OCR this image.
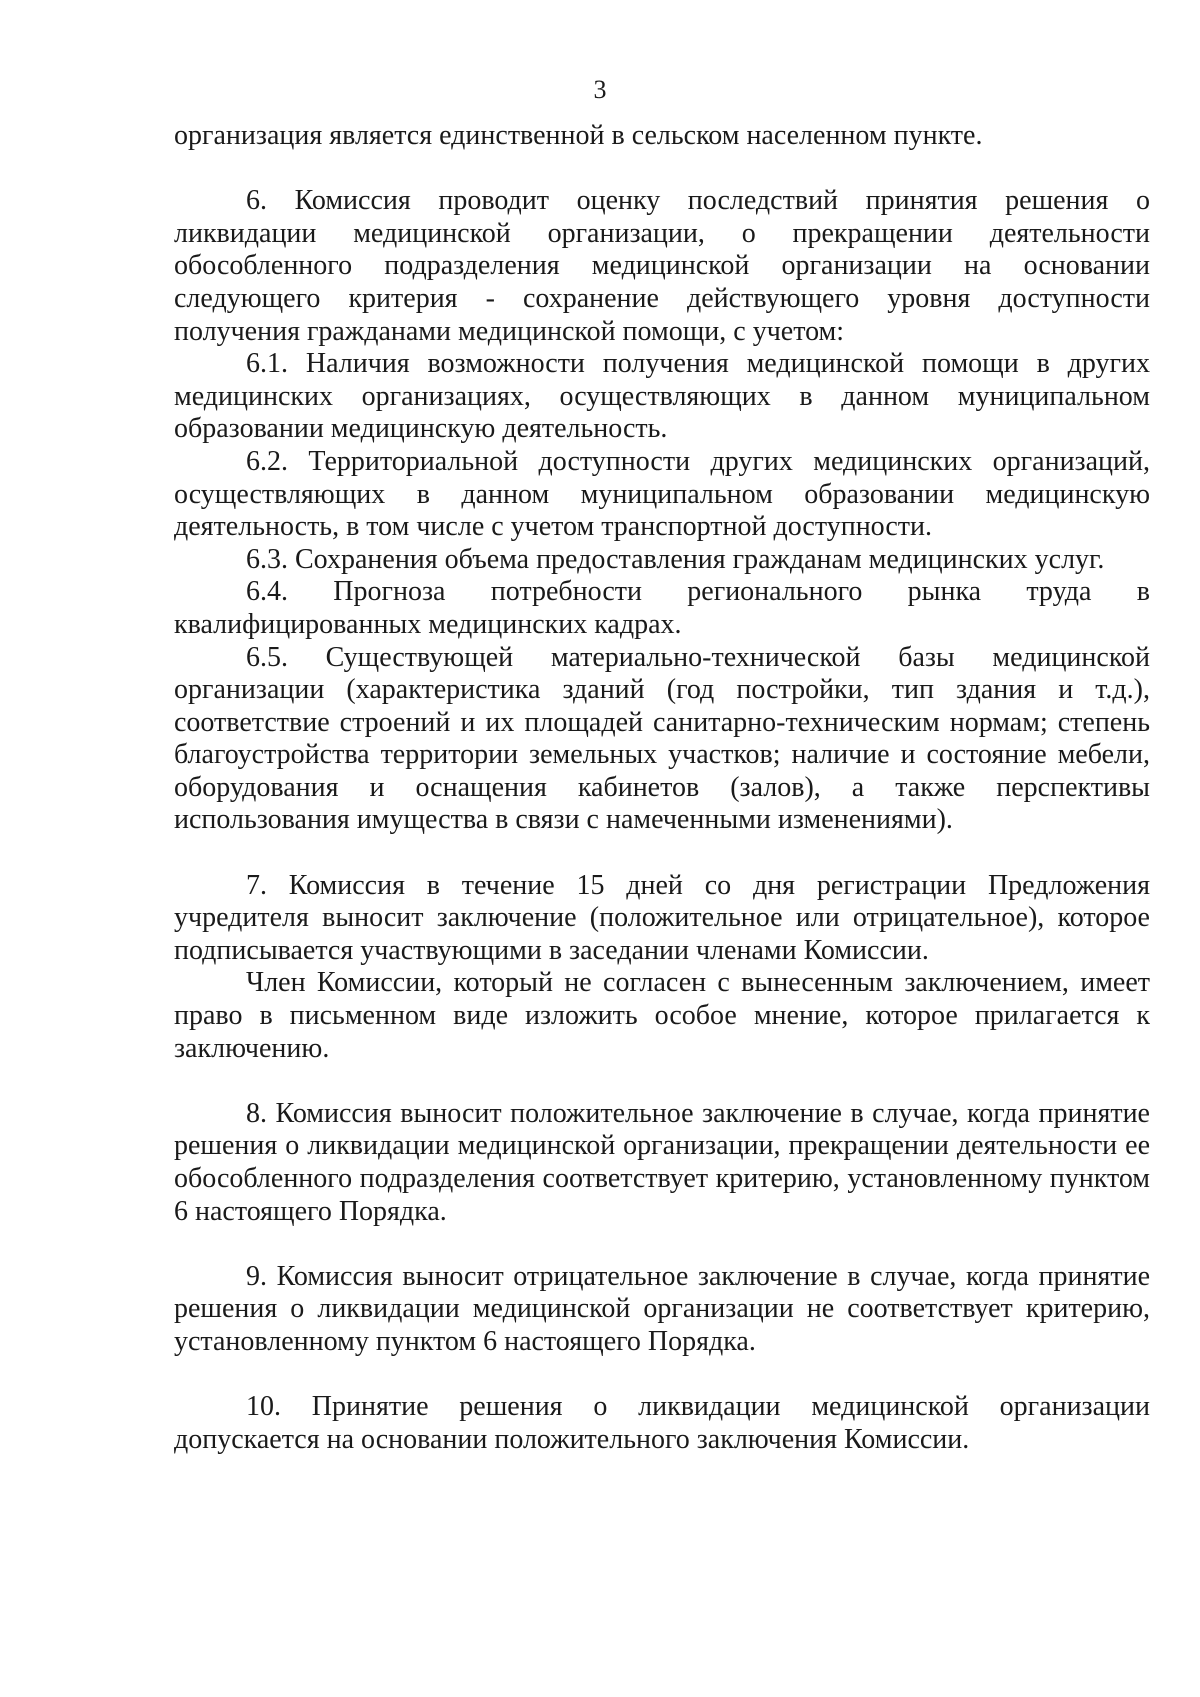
3

организация является единственной в сельском населенном пункте.

6. Комиссия проводит оценку последствий принятия решения о ликвидации медицинской организации, о прекращении деятельности обособленного подразделения медицинской организации на основании следующего критерия - сохранение действующего уровня доступности получения гражданами медицинской помощи, с учетом:

6.1. Наличия возможности получения медицинской помощи в других медицинских организациях, осуществляющих в данном муниципальном образовании медицинскую деятельность.

6.2. Территориальной доступности других медицинских организаций, осуществляющих в данном муниципальном образовании медицинскую деятельность, в том числе с учетом транспортной доступности.

6.3. Сохранения объема предоставления гражданам медицинских услуг.

6.4. Прогноза потребности регионального рынка труда в квалифицированных медицинских кадрах.

6.5. Существующей материально-технической базы медицинской организации (характеристика зданий (год постройки, тип здания и т.д.), соответствие строений и их площадей санитарно-техническим нормам; степень благоустройства территории земельных участков; наличие и состояние мебели, оборудования и оснащения кабинетов (залов), а также перспективы использования имущества в связи с намеченными изменениями).

7. Комиссия в течение 15 дней со дня регистрации Предложения учредителя выносит заключение (положительное или отрицательное), которое подписывается участвующими в заседании членами Комиссии.

Член Комиссии, который не согласен с вынесенным заключением, имеет право в письменном виде изложить особое мнение, которое прилагается к заключению.

8. Комиссия выносит положительное заключение в случае, когда принятие решения о ликвидации медицинской организации, прекращении деятельности ее обособленного подразделения соответствует критерию, установленному пунктом 6 настоящего Порядка.

9. Комиссия выносит отрицательное заключение в случае, когда принятие решения о ликвидации медицинской организации не соответствует критерию, установленному пунктом 6 настоящего Порядка.

10. Принятие решения о ликвидации медицинской организации допускается на основании положительного заключения Комиссии.
